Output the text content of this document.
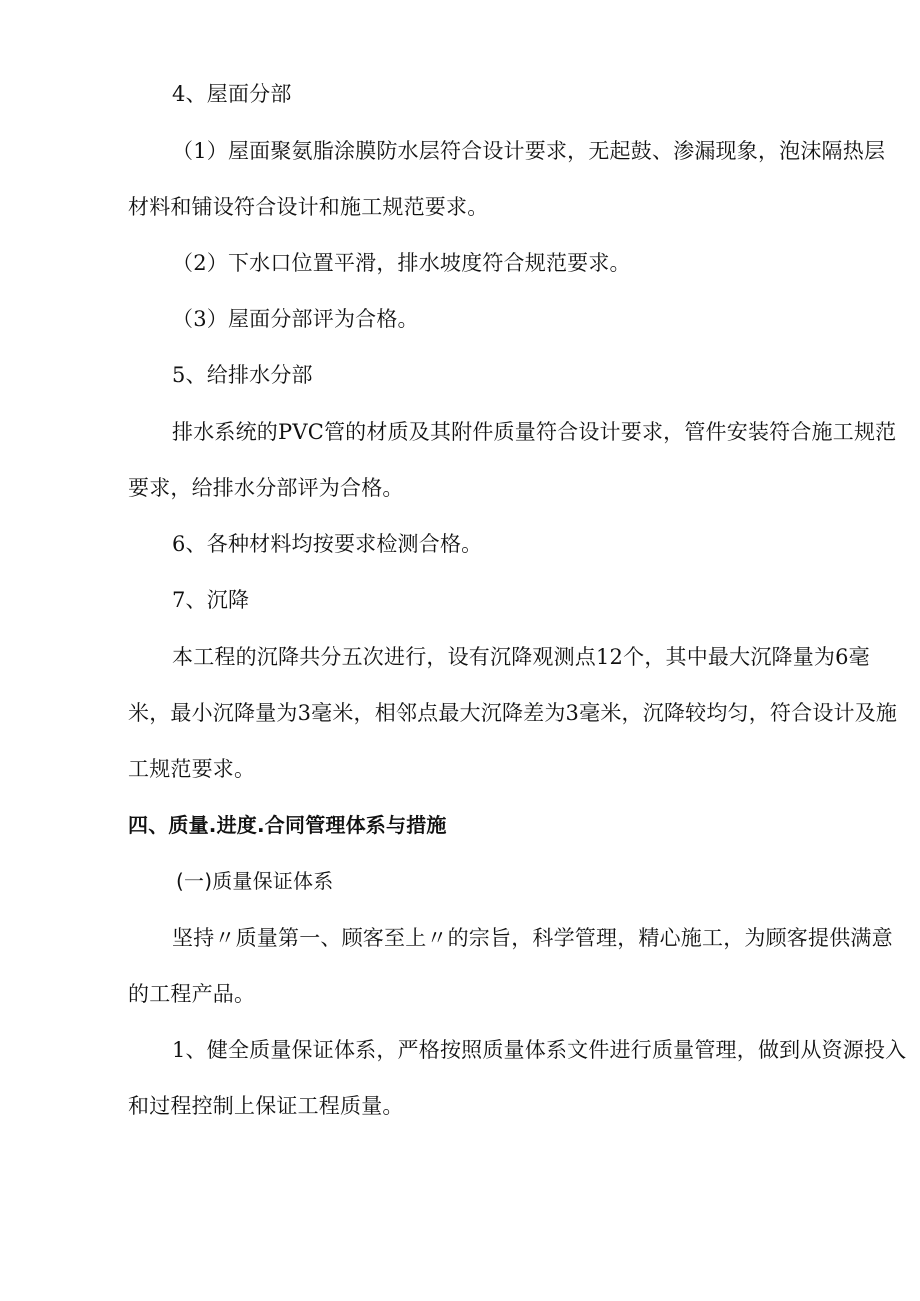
4、屋面分部
（1）屋面聚氨脂涂膜防水层符合设计要求，无起鼓、渗漏现象，泡沫隔热层
材料和铺设符合设计和施工规范要求。
（2）下水口位置平滑，排水坡度符合规范要求。
（3）屋面分部评为合格。
5、给排水分部
排水系统的PVC管的材质及其附件质量符合设计要求，管件安装符合施工规范
要求，给排水分部评为合格。
6、各种材料均按要求检测合格。
7、沉降
本工程的沉降共分五次进行，设有沉降观测点12个，其中最大沉降量为6毫
米，最小沉降量为3毫米，相邻点最大沉降差为3毫米，沉降较均匀，符合设计及施
工规范要求。
四、质量.进度.合同管理体系与措施
(一)质量保证体系
坚持〃质量第一、顾客至上〃的宗旨，科学管理，精心施工，为顾客提供满意
的工程产品。
1、健全质量保证体系，严格按照质量体系文件进行质量管理，做到从资源投入
和过程控制上保证工程质量。
